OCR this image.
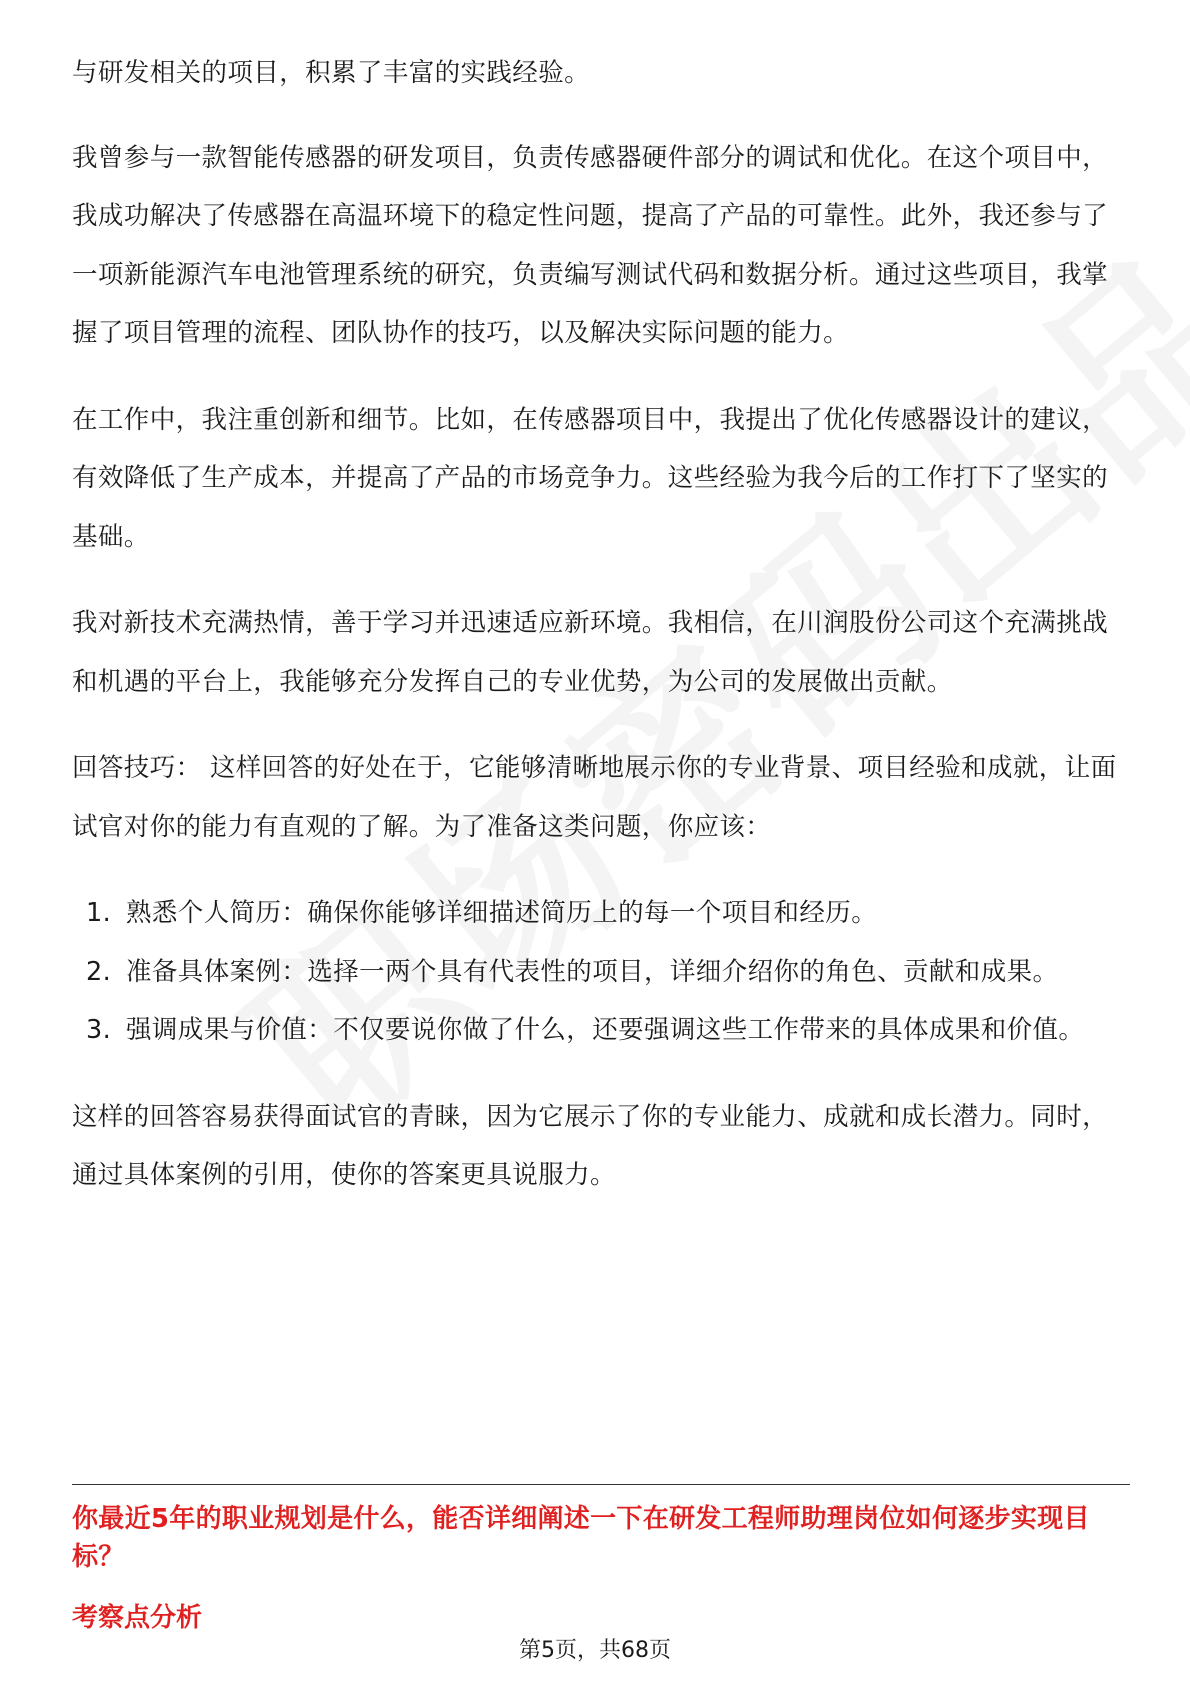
与研发相关的项目，积累了丰富的实践经验。

我曾参与一款智能传感器的研发项目，负责传感器硬件部分的调试和优化。在这个项目中，我成功解决了传感器在高温环境下的稳定性问题，提高了产品的可靠性。此外，我还参与了一项新能源汽车电池管理系统的研究，负责编写测试代码和数据分析。通过这些项目，我掌握了项目管理的流程、团队协作的技巧，以及解决实际问题的能力。

在工作中，我注重创新和细节。比如，在传感器项目中，我提出了优化传感器设计的建议，有效降低了生产成本，并提高了产品的市场竞争力。这些经验为我今后的工作打下了坚实的基础。

我对新技术充满热情，善于学习并迅速适应新环境。我相信，在川润股份公司这个充满挑战和机遇的平台上，我能够充分发挥自己的专业优势，为公司的发展做出贡献。

回答技巧： 这样回答的好处在于，它能够清晰地展示你的专业背景、项目经验和成就，让面试官对你的能力有直观的了解。为了准备这类问题，你应该：

1. 熟悉个人简历：确保你能够详细描述简历上的每一个项目和经历。
2. 准备具体案例：选择一两个具有代表性的项目，详细介绍你的角色、贡献和成果。
3. 强调成果与价值：不仅要说你做了什么，还要强调这些工作带来的具体成果和价值。

这样的回答容易获得面试官的青睐，因为它展示了你的专业能力、成就和成长潜力。同时，通过具体案例的引用，使你的答案更具说服力。

你最近5年的职业规划是什么，能否详细阐述一下在研发工程师助理岗位如何逐步实现目标？
考察点分析
第5页，共68页
